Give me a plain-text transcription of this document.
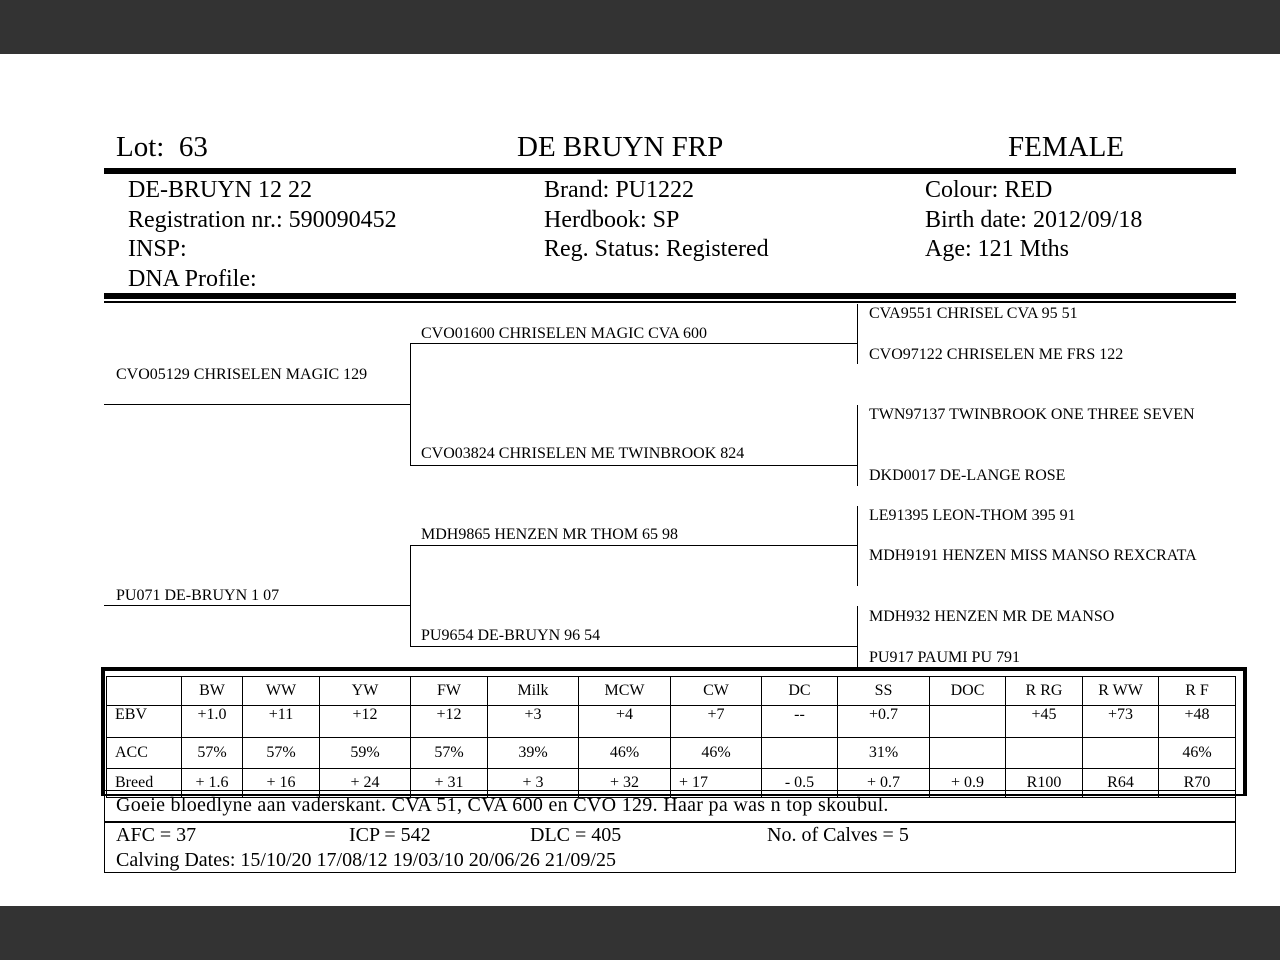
Lot: 63	DE BRUYN FRP	FEMALE
DE-BRUYN 12 22
Registration nr.: 590090452
INSP:
DNA Profile:
Brand: PU1222
Herdbook: SP
Reg. Status: Registered
Colour: RED
Birth date: 2012/09/18
Age: 121 Mths
CVO05129 CHRISELEN MAGIC 129
PU071 DE-BRUYN 1 07
CVO01600 CHRISELEN MAGIC CVA 600
CVO03824 CHRISELEN ME TWINBROOK 824
MDH9865 HENZEN MR THOM 65 98
PU9654 DE-BRUYN 96 54
CVA9551 CHRISEL CVA 95 51
CVO97122 CHRISELEN ME FRS 122
TWN97137 TWINBROOK ONE THREE SEVEN
DKD0017 DE-LANGE ROSE
LE91395 LEON-THOM 395 91
MDH9191 HENZEN MISS MANSO REXCRATA
MDH932 HENZEN MR DE MANSO
PU917 PAUMI PU 791
	BW	WW	YW	FW	Milk	MCW	CW	DC	SS	DOC	R RG	R WW	R F
EBV	+1.0	+11	+12	+12	+3	+4	+7	--	+0.7		+45	+73	+48
ACC	57%	57%	59%	57%	39%	46%	46%		31%				46%
Breed	+ 1.6	+ 16	+ 24	+ 31	+ 3	+ 32	+ 17	- 0.5	+ 0.7	+ 0.9	R100	R64	R70
Goeie bloedlyne aan vaderskant. CVA 51, CVA 600 en CVO 129. Haar pa was n top skoubul.
AFC = 37	ICP = 542	DLC = 405	No. of Calves = 5
Calving Dates: 15/10/20 17/08/12 19/03/10 20/06/26 21/09/25
